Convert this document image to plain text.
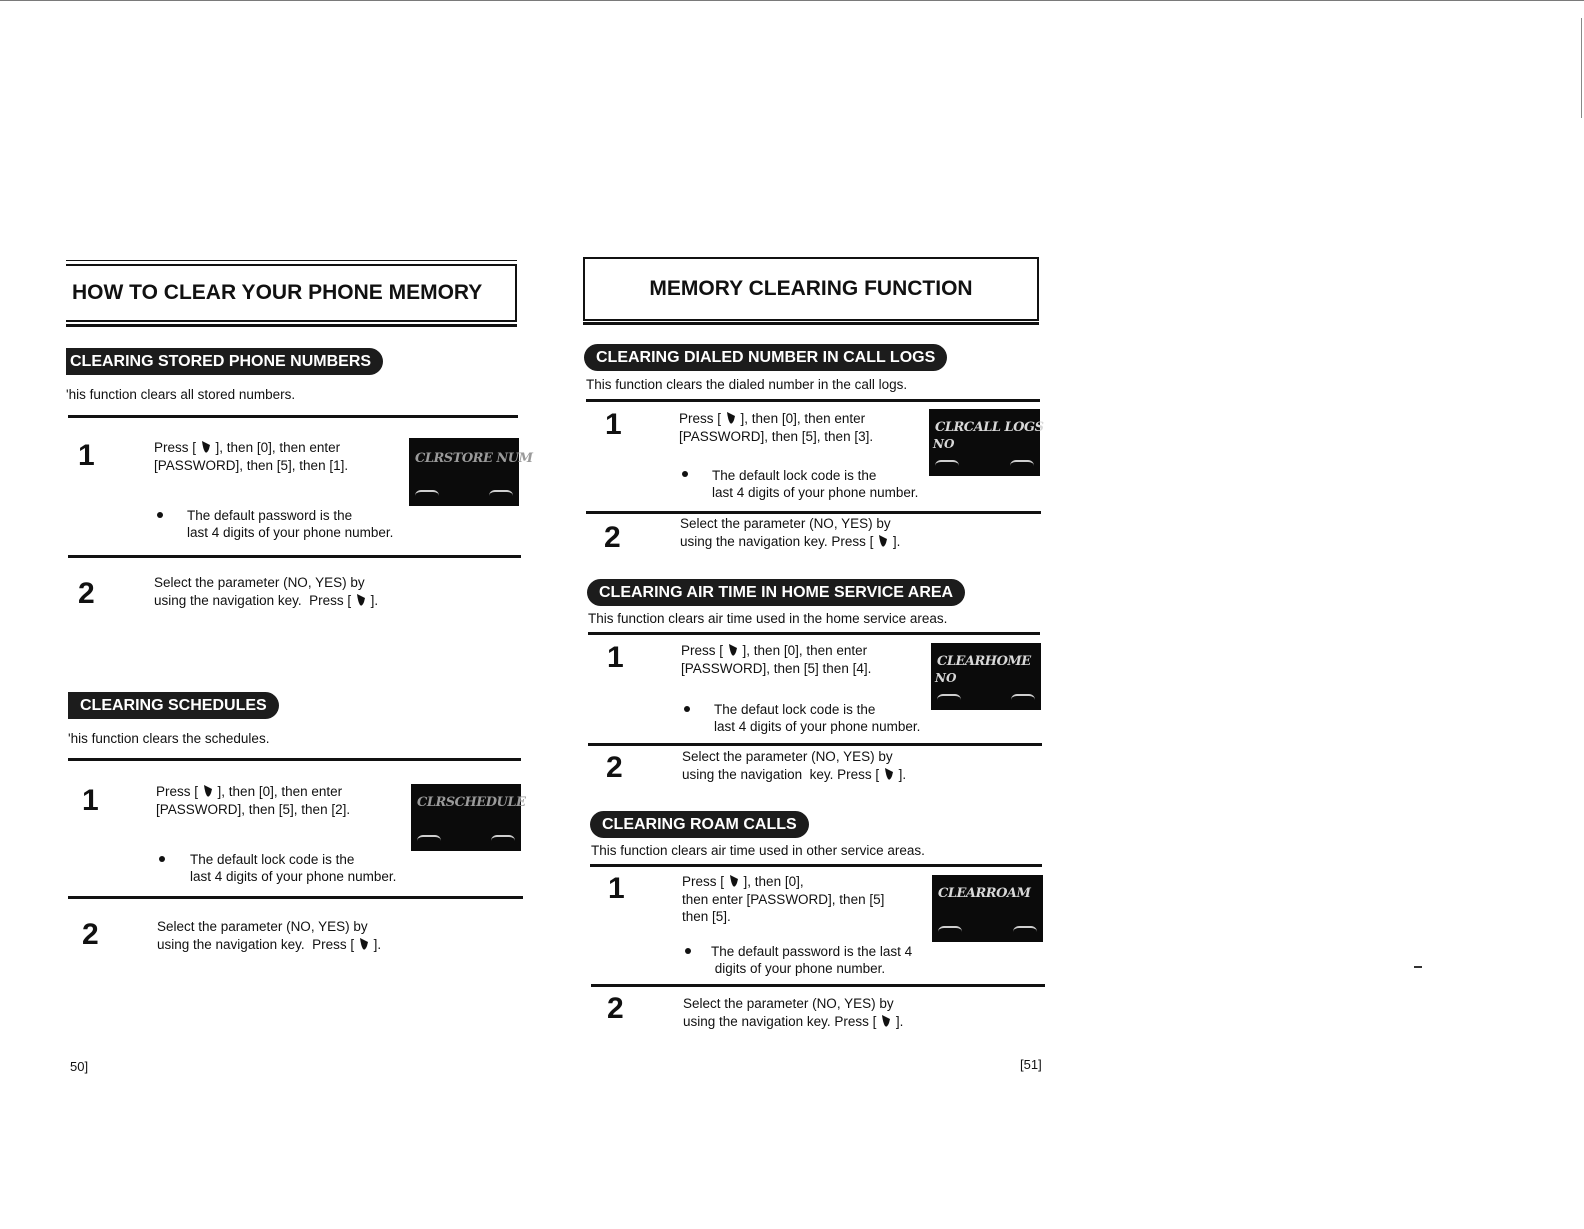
HOW TO CLEAR YOUR PHONE MEMORY
CLEARING STORED PHONE NUMBERS
'his function clears all stored numbers.
1	Press [ ], then [0], then enter
[PASSWORD], then [5], then [1].	CLRSTORE NUM
The default password is the
last 4 digits of your phone number.
2	Select the parameter (NO, YES) by
using the navigation key.  Press [ ].
CLEARING SCHEDULES
'his function clears the schedules.
1	Press [ ], then [0], then enter
[PASSWORD], then [5], then [2].	CLRSCHEDULE
The default lock code is the
last 4 digits of your phone number.
2	Select the parameter (NO, YES) by
using the navigation key.  Press [ ].
50]
MEMORY CLEARING FUNCTION
CLEARING DIALED NUMBER IN CALL LOGS
This function clears the dialed number in the call logs.
1	Press [ ], then [0], then enter
[PASSWORD], then [5], then [3].
CLRCALL LOGS
NO
The default lock code is the
last 4 digits of your phone number.
2	Select the parameter (NO, YES) by
using the navigation key. Press [ ].
CLEARING AIR TIME IN HOME SERVICE AREA
This function clears air time used in the home service areas.
1	Press [ ], then [0], then enter
[PASSWORD], then [5] then [4].	CLEARHOME
NO
The defaut lock code is the
last 4 digits of your phone number.
2	Select the parameter (NO, YES) by
using the navigation  key. Press [ ].
CLEARING ROAM CALLS
This function clears air time used in other service areas.
1	Press [ ], then [0],
then enter [PASSWORD], then [5]
then [5].
CLEARROAM
The default password is the last 4
digits of your phone number.
2	Select the parameter (NO, YES) by
using the navigation key. Press [ ].
[51]
